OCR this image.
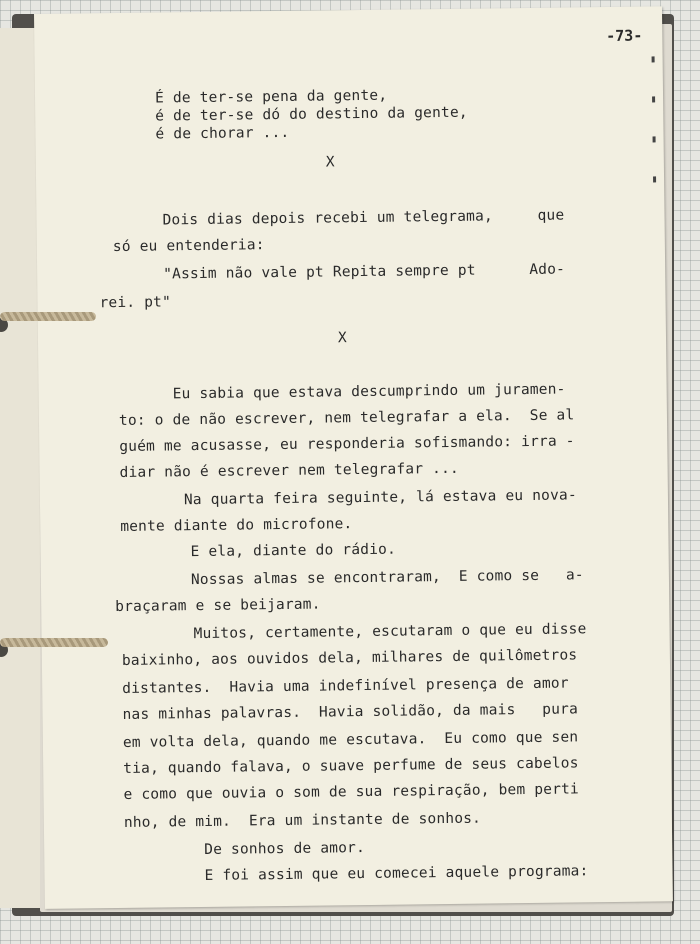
-73-
É de ter-se pena da gente,
é de ter-se dó do destino da gente,
é de chorar ...
X
Dois dias depois recebi um telegrama,     que
só eu entenderia:
"Assim não vale pt Repita sempre pt      Ado-
rei. pt"
X
Eu sabia que estava descumprindo um juramen-
to: o de não escrever, nem telegrafar a ela.  Se al
guém me acusasse, eu responderia sofismando: irra -
diar não é escrever nem telegrafar ...
Na quarta feira seguinte, lá estava eu nova-
mente diante do microfone.
E ela, diante do rádio.
Nossas almas se encontraram,  E como se   a-
braçaram e se beijaram.
Muitos, certamente, escutaram o que eu disse
baixinho, aos ouvidos dela, milhares de quilômetros
distantes.  Havia uma indefinível presença de amor
nas minhas palavras.  Havia solidão, da mais   pura
em volta dela, quando me escutava.  Eu como que sen
tia, quando falava, o suave perfume de seus cabelos
e como que ouvia o som de sua respiração, bem perti
nho, de mim.  Era um instante de sonhos.
De sonhos de amor.
E foi assim que eu comecei aquele programa:
